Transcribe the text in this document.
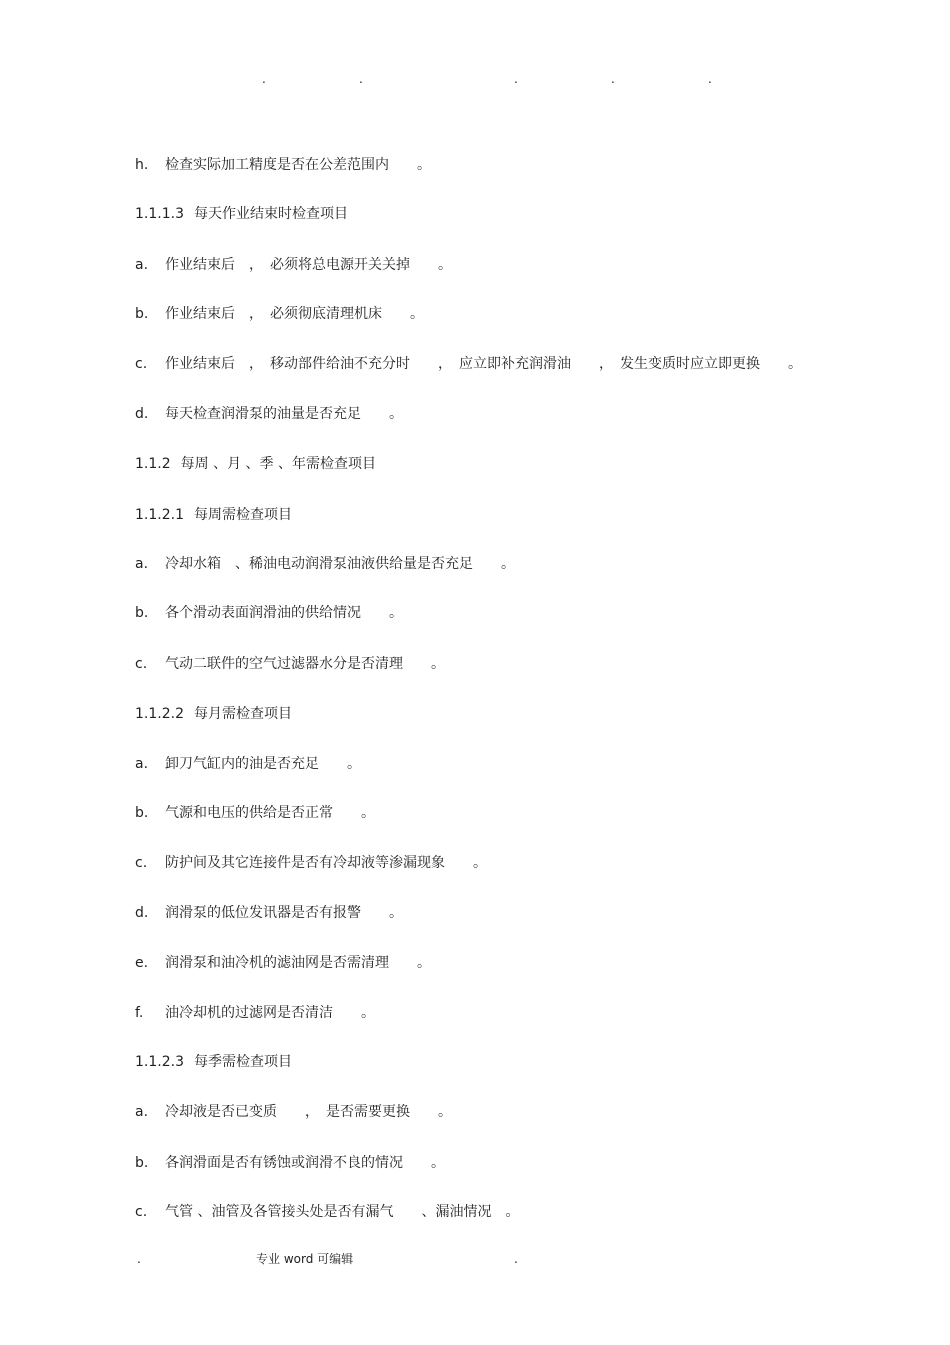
.	.	.	.	.
h. 检查实际加工精度是否在公差范围内　　。
1.1.1.3 每天作业结束时检查项目
a. 作业结束后　，　必须将总电源开关关掉　　。
b. 作业结束后　，　必须彻底清理机床　　。
c. 作业结束后　，　移动部件给油不充分时　　，　应立即补充润滑油　　，　发生变质时应立即更换　　。
d. 每天检查润滑泵的油量是否充足　　。
1.1.2 每周 、月 、季 、年需检查项目
1.1.2.1 每周需检查项目
a. 冷却水箱　、稀油电动润滑泵油液供给量是否充足　　。
b. 各个滑动表面润滑油的供给情况　　。
c. 气动二联件的空气过滤器水分是否清理　　。
1.1.2.2 每月需检查项目
a. 卸刀气缸内的油是否充足　　。
b. 气源和电压的供给是否正常　　。
c. 防护间及其它连接件是否有冷却液等渗漏现象　　。
d. 润滑泵的低位发讯器是否有报警　　。
e. 润滑泵和油冷机的滤油网是否需清理　　。
f. 油冷却机的过滤网是否清洁　　。
1.1.2.3 每季需检查项目
a. 冷却液是否已变质　　，　是否需要更换　　。
b. 各润滑面是否有锈蚀或润滑不良的情况　　。
c. 气管 、油管及各管接头处是否有漏气　　、漏油情况　。
.	专业 word 可编辑	.
